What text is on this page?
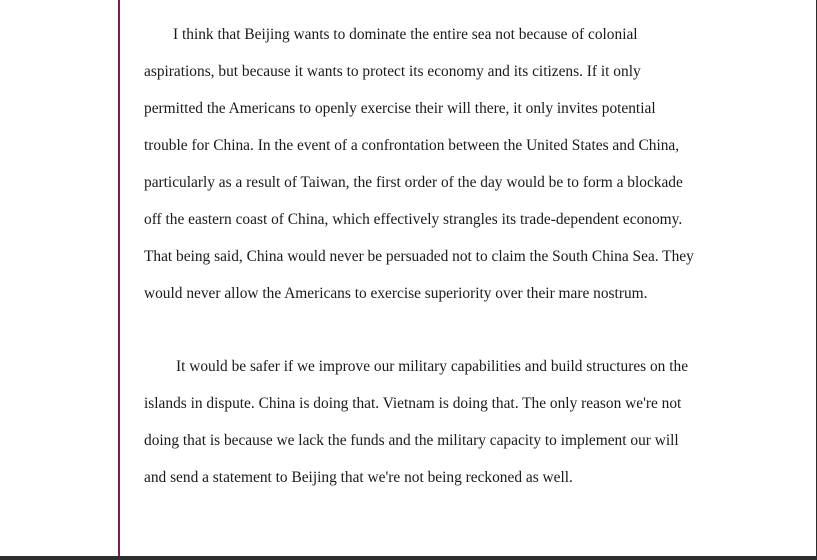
I think that Beijing wants to dominate the entire sea not because of colonial
aspirations, but because it wants to protect its economy and its citizens. If it only
permitted the Americans to openly exercise their will there, it only invites potential
trouble for China. In the event of a confrontation between the United States and China,
particularly as a result of Taiwan, the first order of the day would be to form a blockade
off the eastern coast of China, which effectively strangles its trade-dependent economy.
That being said, China would never be persuaded not to claim the South China Sea. They
would never allow the Americans to exercise superiority over their mare nostrum.
It would be safer if we improve our military capabilities and build structures on the
islands in dispute. China is doing that. Vietnam is doing that. The only reason we're not
doing that is because we lack the funds and the military capacity to implement our will
and send a statement to Beijing that we're not being reckoned as well.
